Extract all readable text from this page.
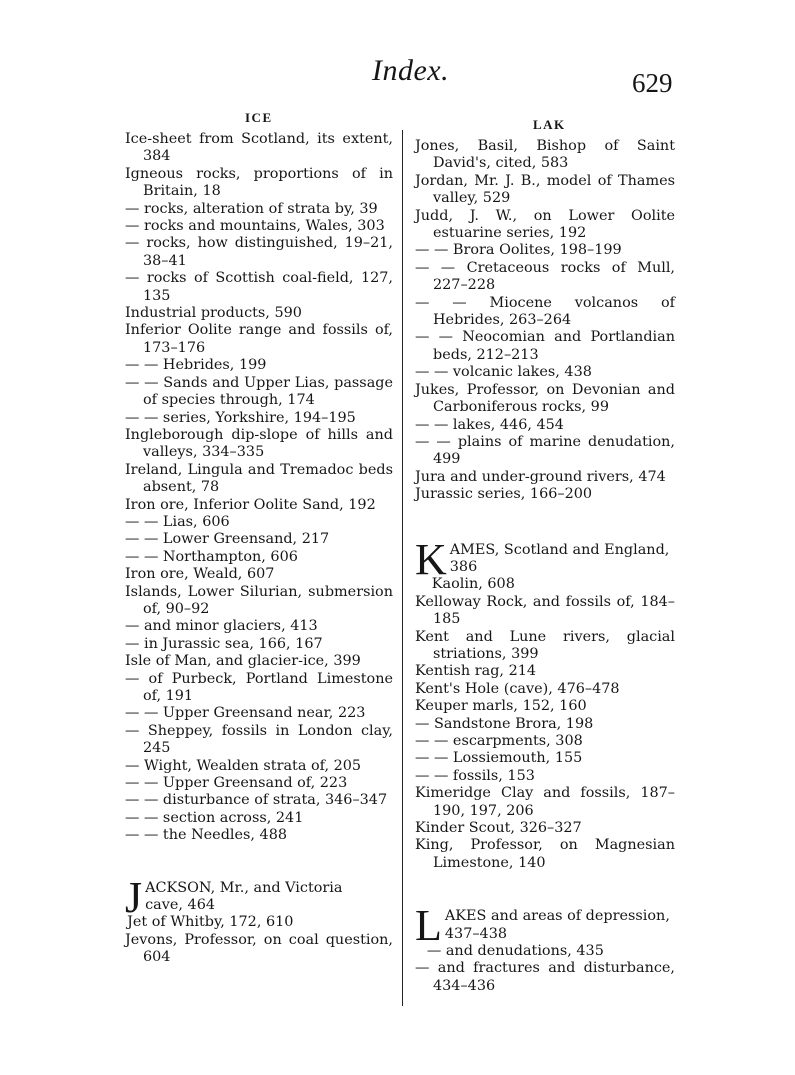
Index.	629
ICE	LAK
Ice-sheet from Scotland, its extent, 384
Igneous rocks, proportions of in Britain, 18
— rocks, alteration of strata by, 39
— rocks and mountains, Wales, 303
— rocks, how distinguished, 19–21, 38–41
— rocks of Scottish coal-field, 127, 135
Industrial products, 590
Inferior Oolite range and fossils of, 173–176
— — Hebrides, 199
— — Sands and Upper Lias, passage of species through, 174
— — series, Yorkshire, 194–195
Ingleborough dip-slope of hills and valleys, 334–335
Ireland, Lingula and Tremadoc beds absent, 78
Iron ore, Inferior Oolite Sand, 192
— — Lias, 606
— — Lower Greensand, 217
— — Northampton, 606
Iron ore, Weald, 607
Islands, Lower Silurian, submersion of, 90–92
— and minor glaciers, 413
— in Jurassic sea, 166, 167
Isle of Man, and glacier-ice, 399
— of Purbeck, Portland Limestone of, 191
— — Upper Greensand near, 223
— Sheppey, fossils in London clay, 245
— Wight, Wealden strata of, 205
— — Upper Greensand of, 223
— — disturbance of strata, 346–347
— — section across, 241
— — the Needles, 488
J ACKSON, Mr., and Victoria
cave, 464
Jet of Whitby, 172, 610
Jevons, Professor, on coal question, 604
Jones, Basil, Bishop of Saint David's, cited, 583
Jordan, Mr. J. B., model of Thames valley, 529
Judd, J. W., on Lower Oolite estuarine series, 192
— — Brora Oolites, 198–199
— — Cretaceous rocks of Mull, 227–228
— — Miocene volcanos of Hebrides, 263–264
— — Neocomian and Portlandian beds, 212–213
— — volcanic lakes, 438
Jukes, Professor, on Devonian and Carboniferous rocks, 99
— — lakes, 446, 454
— — plains of marine denudation, 499
Jura and under-ground rivers, 474
Jurassic series, 166–200
K AMES, Scotland and England,
386
Kaolin, 608
Kelloway Rock, and fossils of, 184–185
Kent and Lune rivers, glacial striations, 399
Kentish rag, 214
Kent's Hole (cave), 476–478
Keuper marls, 152, 160
— Sandstone Brora, 198
— — escarpments, 308
— — Lossiemouth, 155
— — fossils, 153
Kimeridge Clay and fossils, 187–190, 197, 206
Kinder Scout, 326–327
King, Professor, on Magnesian Limestone, 140
L AKES and areas of depression,
437–438
— and denudations, 435
— and fractures and disturbance, 434–436
